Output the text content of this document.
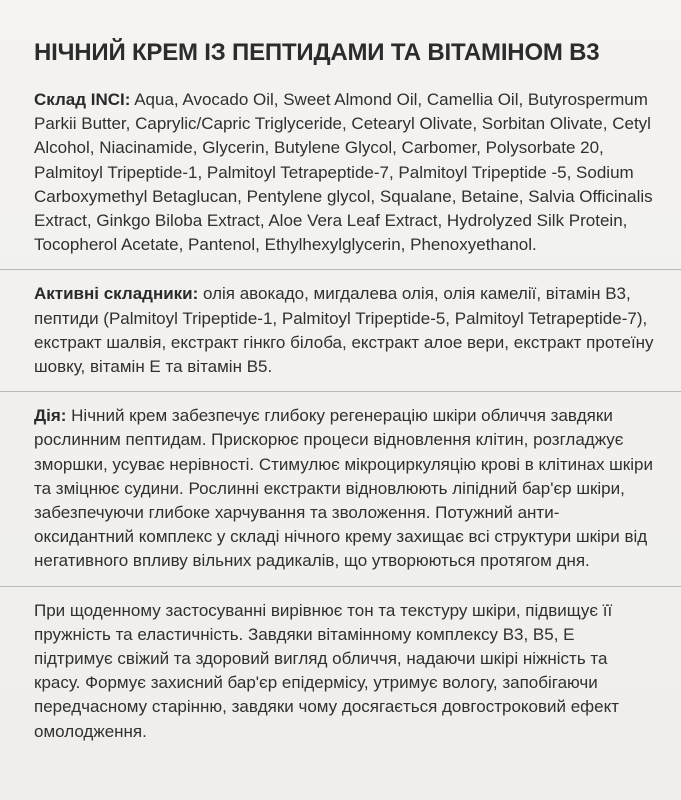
НІЧНИЙ КРЕМ ІЗ ПЕПТИДАМИ ТА ВІТАМІНОМ В3

Склад INCI: Aqua, Avocado Oil, Sweet Almond Oil, Camellia Oil, Butyrospermum Parkii Butter, Caprylic/Capric Triglyceride, Cetearyl Olivate, Sorbitan Olivate, Cetyl Alcohol, Niacinamide, Glycerin, Butylene Glycol, Carbomer, Polysorbate 20, Palmitoyl Tripeptide-1, Palmitoyl Tetrapeptide-7, Palmitoyl Tripeptide -5, Sodium Carboxymethyl Betaglucan, Pentylene glycol, Squalane, Betaine, Salvia Officinalis Extract, Ginkgo Biloba Extract, Aloe Vera Leaf Extract, Hydrolyzed Silk Protein, Tocopherol Acetate, Pantenol, Ethylhexylglycerin, Phenoxyethanol.

Активні складники: олія авокадо, мигдалева олія, олія камелії, вітамін В3, пептиди (Palmitoyl Tripeptide-1, Palmitoyl Tripeptide-5, Palmitoyl Tetrapeptide-7), екстракт шалвія, екстракт гінкго білоба, екстракт алое вери, екстракт протеїну шовку, вітамін Е та вітамін В5.

Дія: Нічний крем забезпечує глибоку регенерацію шкіри обличчя завдяки рослинним пептидам. Прискорює процеси відновлення клітин, розгладжує зморшки, усуває нерівності. Стимулює мікроциркуляцію крові в клітинах шкіри та зміцнює судини. Рослинні екстракти відновлюють ліпідний бар'єр шкіри, забезпечуючи глибоке харчування та зволоження. Потужний анти-оксидантний комплекс у складі нічного крему захищає всі структури шкіри від негативного впливу вільних радикалів, що утворюються протягом дня.

При щоденному застосуванні вирівнює тон та текстуру шкіри, підвищує її пружність та еластичність. Завдяки вітамінному комплексу В3, В5, Е підтримує свіжий та здоровий вигляд обличчя, надаючи шкірі ніжність та красу. Формує захисний бар'єр епідермісу, утримує вологу, запобігаючи передчасному старінню, завдяки чому досягається довгостроковий ефект омолодження.
